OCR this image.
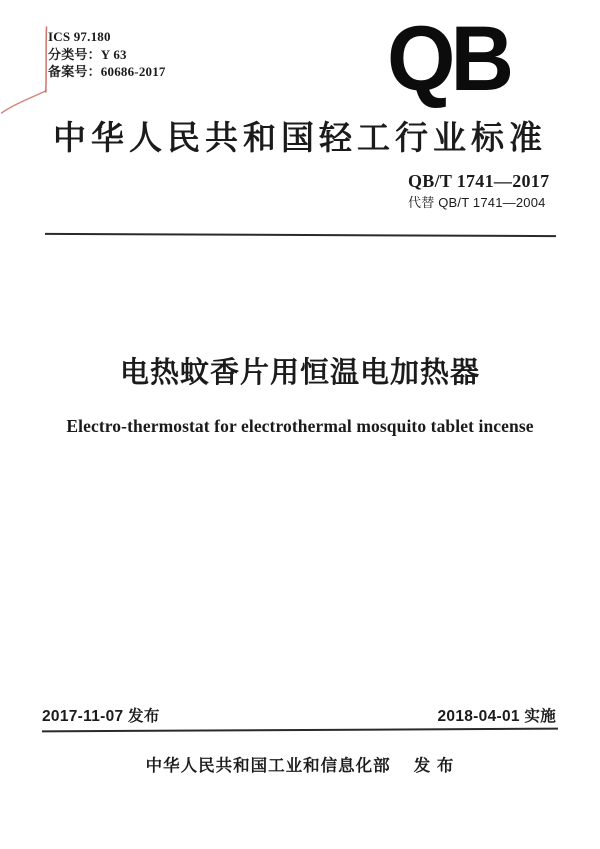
ICS 97.180
分类号：Y 63
备案号：60686-2017	QB
中华人民共和国轻工行业标准
QB/T 1741—2017
代替 QB/T 1741—2004
电热蚊香片用恒温电加热器
Electro-thermostat for electrothermal mosquito tablet incense
2017-11-07 发布	2018-04-01 实施
中华人民共和国工业和信息化部　 发 布
